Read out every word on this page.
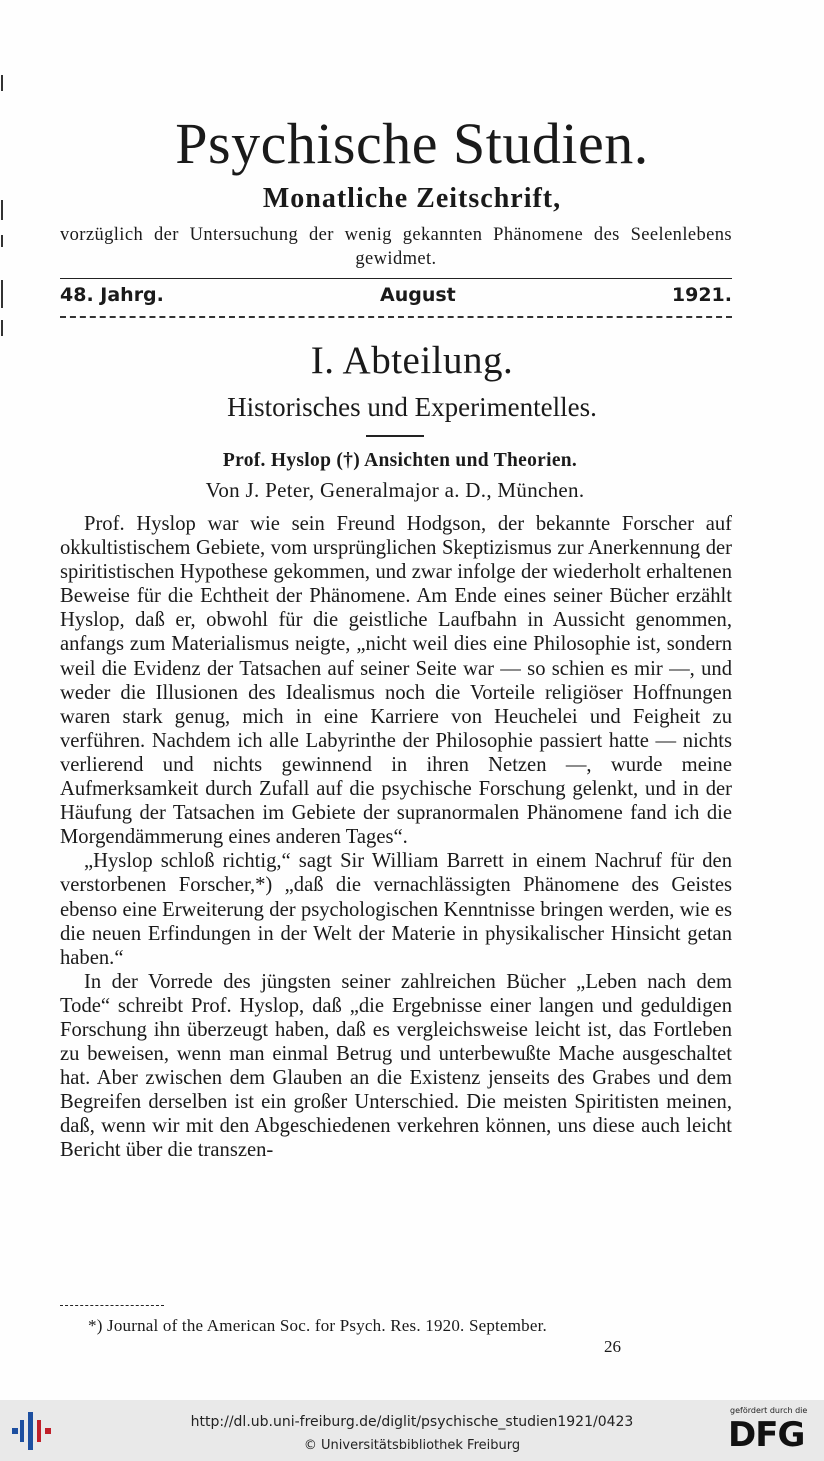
Psychische Studien.
Monatliche Zeitschrift,
vorzüglich der Untersuchung der wenig gekannten Phänomene des Seelenlebens gewidmet.
48. Jahrg.	August	1921.
I. Abteilung.
Historisches und Experimentelles.
Prof. Hyslop (†) Ansichten und Theorien.
Von J. Peter, Generalmajor a. D., München.

Prof. Hyslop war wie sein Freund Hodgson, der bekannte Forscher auf okkultistischem Gebiete, vom ursprünglichen Skeptizismus zur Anerkennung der spiritistischen Hypothese gekommen, und zwar infolge der wiederholt erhaltenen Beweise für die Echtheit der Phänomene. Am Ende eines seiner Bücher erzählt Hyslop, daß er, obwohl für die geistliche Laufbahn in Aussicht genommen, anfangs zum Materialismus neigte, „nicht weil dies eine Philosophie ist, sondern weil die Evidenz der Tatsachen auf seiner Seite war — so schien es mir —, und weder die Illusionen des Idealismus noch die Vorteile religiöser Hoffnungen waren stark genug, mich in eine Karriere von Heuchelei und Feigheit zu verführen. Nachdem ich alle Labyrinthe der Philosophie passiert hatte — nichts verlierend und nichts gewinnend in ihren Netzen —, wurde meine Aufmerksamkeit durch Zufall auf die psychische Forschung gelenkt, und in der Häufung der Tatsachen im Gebiete der supranormalen Phänomene fand ich die Morgendämmerung eines anderen Tages“.

„Hyslop schloß richtig,“ sagt Sir William Barrett in einem Nachruf für den verstorbenen Forscher,*) „daß die vernachlässigten Phänomene des Geistes ebenso eine Erweiterung der psychologischen Kenntnisse bringen werden, wie es die neuen Erfindungen in der Welt der Materie in physikalischer Hinsicht getan haben.“

In der Vorrede des jüngsten seiner zahlreichen Bücher „Leben nach dem Tode“ schreibt Prof. Hyslop, daß „die Ergebnisse einer langen und geduldigen Forschung ihn überzeugt haben, daß es vergleichsweise leicht ist, das Fortleben zu beweisen, wenn man einmal Betrug und unterbewußte Mache ausgeschaltet hat. Aber zwischen dem Glauben an die Existenz jenseits des Grabes und dem Begreifen derselben ist ein großer Unterschied. Die meisten Spiritisten meinen, daß, wenn wir mit den Abgeschiedenen verkehren können, uns diese auch leicht Bericht über die transzen-

*) Journal of the American Soc. for Psych. Res. 1920. September.
26
http://dl.ub.uni-freiburg.de/diglit/psychische_studien1921/0423
© Universitätsbibliothek Freiburg
gefördert durch die
DFG
